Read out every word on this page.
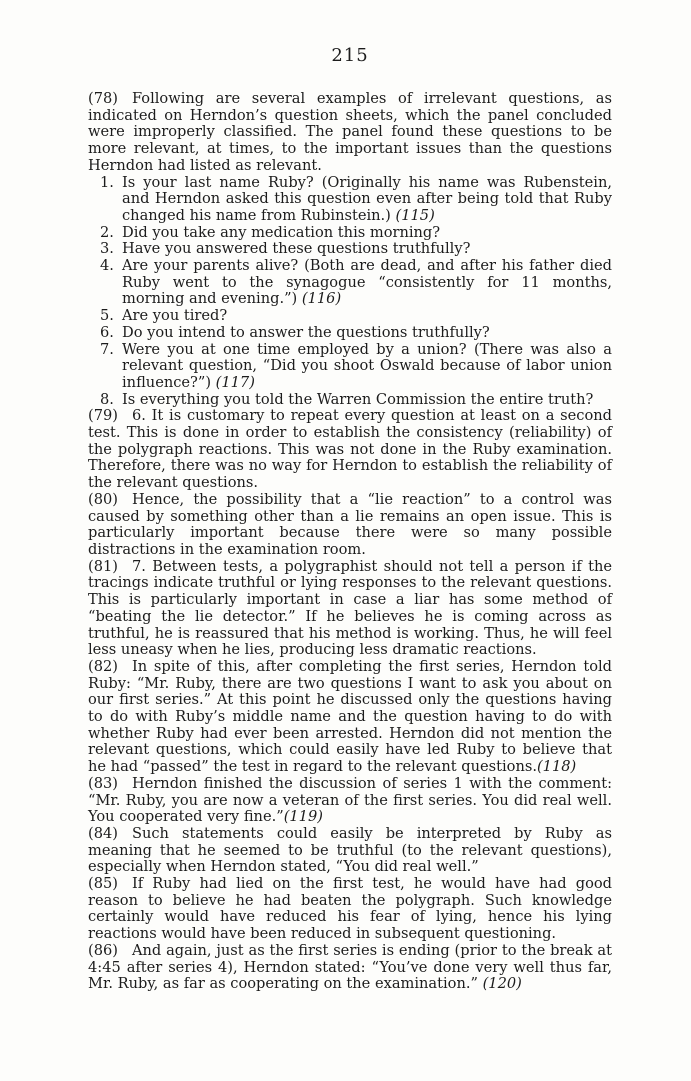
215

(78) Following are several examples of irrelevant questions, as indicated on Herndon’s question sheets, which the panel concluded were improperly classified. The panel found these questions to be more relevant, at times, to the important issues than the questions Herndon had listed as relevant.

1. Is your last name Ruby? (Originally his name was Rubenstein, and Herndon asked this question even after being told that Ruby changed his name from Rubinstein.) (115)
2. Did you take any medication this morning?
3. Have you answered these questions truthfully?
4. Are your parents alive? (Both are dead, and after his father died Ruby went to the synagogue “consistently for 11 months, morning and evening.”) (116)
5. Are you tired?
6. Do you intend to answer the questions truthfully?
7. Were you at one time employed by a union? (There was also a relevant question, “Did you shoot Oswald because of labor union influence?”) (117)
8. Is everything you told the Warren Commission the entire truth?

(79) 6. It is customary to repeat every question at least on a second test. This is done in order to establish the consistency (reliability) of the polygraph reactions. This was not done in the Ruby examination. Therefore, there was no way for Herndon to establish the reliability of the relevant questions.

(80) Hence, the possibility that a “lie reaction” to a control was caused by something other than a lie remains an open issue. This is particularly important because there were so many possible distractions in the examination room.

(81) 7. Between tests, a polygraphist should not tell a person if the tracings indicate truthful or lying responses to the relevant questions. This is particularly important in case a liar has some method of “beating the lie detector.” If he believes he is coming across as truthful, he is reassured that his method is working. Thus, he will feel less uneasy when he lies, producing less dramatic reactions.

(82) In spite of this, after completing the first series, Herndon told Ruby: “Mr. Ruby, there are two questions I want to ask you about on our first series.” At this point he discussed only the questions having to do with Ruby’s middle name and the question having to do with whether Ruby had ever been arrested. Herndon did not mention the relevant questions, which could easily have led Ruby to believe that he had “passed” the test in regard to the relevant questions.(118)

(83) Herndon finished the discussion of series 1 with the comment: “Mr. Ruby, you are now a veteran of the first series. You did real well. You cooperated very fine.”(119)

(84) Such statements could easily be interpreted by Ruby as meaning that he seemed to be truthful (to the relevant questions), especially when Herndon stated, “You did real well.”

(85) If Ruby had lied on the first test, he would have had good reason to believe he had beaten the polygraph. Such knowledge certainly would have reduced his fear of lying, hence his lying reactions would have been reduced in subsequent questioning.

(86) And again, just as the first series is ending (prior to the break at 4:45 after series 4), Herndon stated: “You’ve done very well thus far, Mr. Ruby, as far as cooperating on the examination.” (120)
